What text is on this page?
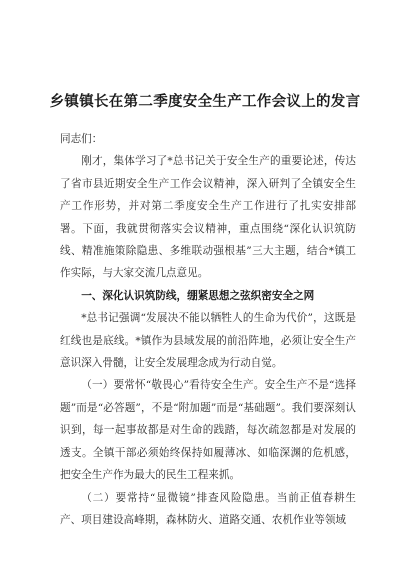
乡镇镇长在第二季度安全生产工作会议上的发言

同志们：

刚才，集体学习了*总书记关于安全生产的重要论述，传达了省市县近期安全生产工作会议精神，深入研判了全镇安全生产工作形势，并对第二季度安全生产工作进行了扎实安排部署。下面，我就贯彻落实会议精神，重点围绕“深化认识筑防线、精准施策除隐患、多维联动强根基”三大主题，结合*镇工作实际，与大家交流几点意见。

一、深化认识筑防线，绷紧思想之弦织密安全之网

*总书记强调“发展决不能以牺牲人的生命为代价”，这既是红线也是底线。*镇作为县域发展的前沿阵地，必须让安全生产意识深入骨髓，让安全发展理念成为行动自觉。

（一）要常怀“敬畏心”看待安全生产。安全生产不是“选择题”而是“必答题”，不是“附加题”而是“基础题”。我们要深刻认识到，每一起事故都是对生命的践踏，每次疏忽都是对发展的透支。全镇干部必须始终保持如履薄冰、如临深渊的危机感，把安全生产作为最大的民生工程来抓。

（二）要常持“显微镜”排查风险隐患。当前正值春耕生产、项目建设高峰期，森林防火、道路交通、农机作业等领域
